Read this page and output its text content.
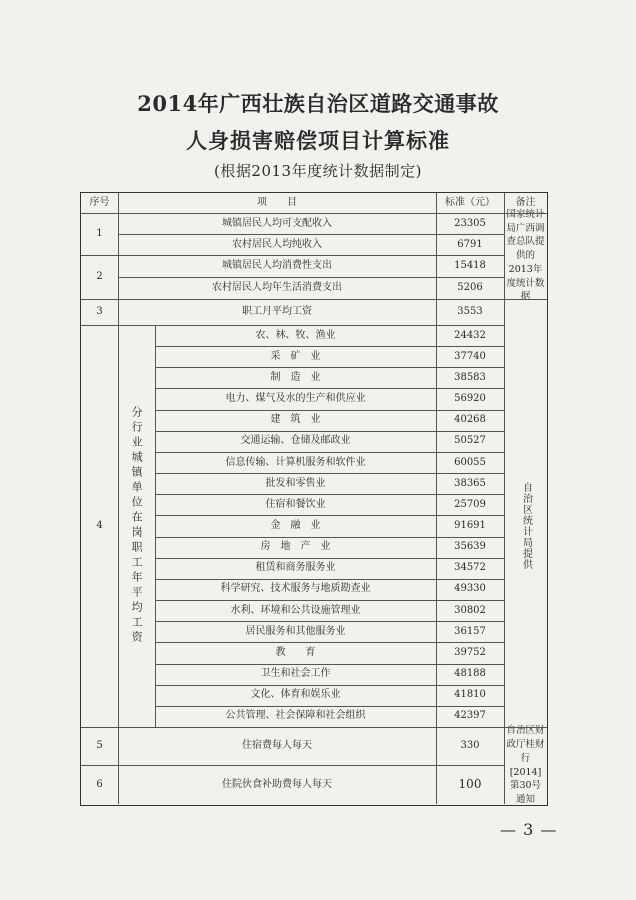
2014年广西壮族自治区道路交通事故
人身损害赔偿项目计算标准
(根据2013年度统计数据制定)
序号	项　　目	标准（元）	备注
1
城镇居民人均可支配收入	23305
农村居民人均纯收入	6791
2
城镇居民人均消费性支出	15418
农村居民人均年生活消费支出	5206
国家统计局广西调查总队提供的2013年度统计数据
3	职工月平均工资	3553
4	分行业城镇单位在岗职工年平均工资
农、林、牧、渔业	24432
采　矿　业	37740
制　造　业	38583
电力、煤气及水的生产和供应业	56920
建　筑　业	40268
交通运输、仓储及邮政业	50527
信息传输、计算机服务和软件业	60055
批发和零售业	38365
住宿和餐饮业	25709
金　融　业	91691
房　地　产　业	35639
租赁和商务服务业	34572
科学研究、技术服务与地质勘查业	49330
水利、环境和公共设施管理业	30802
居民服务和其他服务业	36157
教　　育	39752
卫生和社会工作	48188
文化、体育和娱乐业	41810
公共管理、社会保障和社会组织	42397
自治区统计局提供
5	住宿费每人每天	330
6	住院伙食补助费每人每天	100
自治区财政厅桂财行[2014]第30号通知
— 3 —
